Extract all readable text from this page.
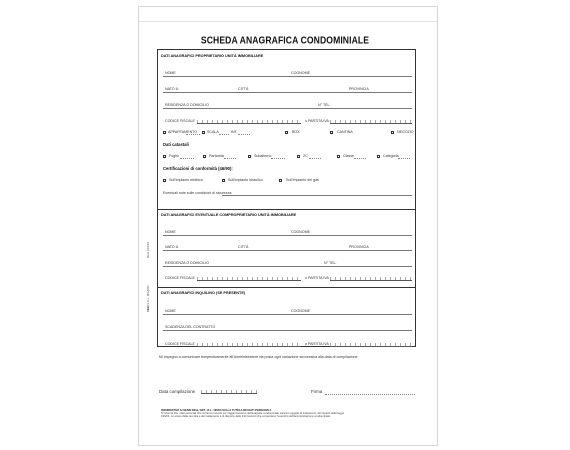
SCHEDA ANAGRAFICA CONDOMINIALE
Mod. XXXXX
SEBI S.R.L. MILANO
DATI ANAGRAFICI PROPRIETARIO UNITÀ IMMOBILIARE
NOME	COGNOME
NATO IL	CITTÀ	PROVINCIA
RESIDENZA O DOMICILIO	N° TEL.
CODICE FISCALE	o PARTITA IVA
APPARTAMENTO	SCALA	INT.	BOX	CANTINA	NEGOZIO
Dati catastali
Foglio	Particella	Subalterno	ZC	Classe	Categoria
Certificazioni di conformità (46/90):
Sull'impianto elettrico	Sull'impianto idraulico	Sull'impianto del gas
Eventuali note sulle condizioni di sicurezza:
DATI ANAGRAFICI EVENTUALE COMPROPRIETARIO UNITÀ IMMOBILIARE
NOME	COGNOME
NATO IL	CITTÀ	PROVINCIA
RESIDENZA O DOMICILIO	N° TEL.
CODICE FISCALE	o PARTITA IVA
DATI ANAGRAFICI INQUILINO (SE PRESENTE)
NOME	COGNOME
SCADENZA DEL CONTRATTO
CODICE FISCALE	o PARTITA IVA
Mi impegno a comunicare tempestivamente all'Amministratore via posta ogni variazione successiva alla data di compilazione.
Data compilazione	Firma
INFORMATIVA AI SENSI DELL'ART. 13 L. 196/03 SULLA TUTELA DEI DATI PERSONALI
Si informa che i dati personali che verranno raccolti per l'aggiornamento dell'anagrafe condominiale saranno oggetto di trattamento nel rispetto della legge
196/03. Lo scopo della raccolta e del trattamento è di disporre delle informazioni che consentano l'esercizio dell'amministrazione condominiale.
